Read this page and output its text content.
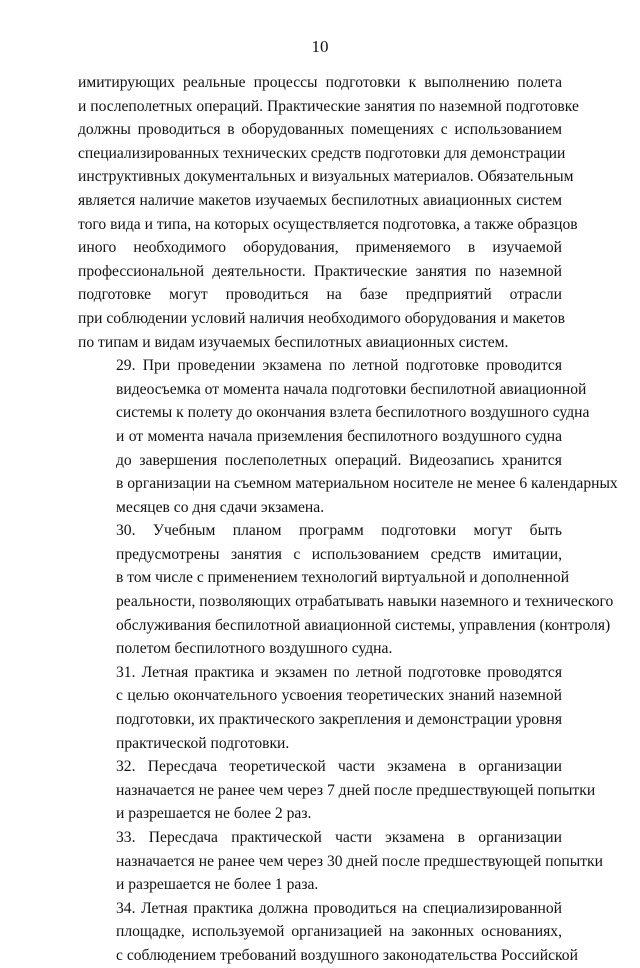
10

имитирующих реальные процессы подготовки к выполнению полета
и послеполетных операций. Практические занятия по наземной подготовке
должны проводиться в оборудованных помещениях с использованием
специализированных технических средств подготовки для демонстрации
инструктивных документальных и визуальных материалов. Обязательным
является наличие макетов изучаемых беспилотных авиационных систем
того вида и типа, на которых осуществляется подготовка, а также образцов
иного необходимого оборудования, применяемого в изучаемой
профессиональной деятельности. Практические занятия по наземной
подготовке могут проводиться на базе предприятий отрасли
при соблюдении условий наличия необходимого оборудования и макетов
по типам и видам изучаемых беспилотных авиационных систем.

29. При проведении экзамена по летной подготовке проводится
видеосъемка от момента начала подготовки беспилотной авиационной
системы к полету до окончания взлета беспилотного воздушного судна
и от момента начала приземления беспилотного воздушного судна
до завершения послеполетных операций. Видеозапись хранится
в организации на съемном материальном носителе не менее 6 календарных
месяцев со дня сдачи экзамена.

30. Учебным планом программ подготовки могут быть
предусмотрены занятия с использованием средств имитации,
в том числе с применением технологий виртуальной и дополненной
реальности, позволяющих отрабатывать навыки наземного и технического
обслуживания беспилотной авиационной системы, управления (контроля)
полетом беспилотного воздушного судна.

31. Летная практика и экзамен по летной подготовке проводятся
с целью окончательного усвоения теоретических знаний наземной
подготовки, их практического закрепления и демонстрации уровня
практической подготовки.

32. Пересдача теоретической части экзамена в организации
назначается не ранее чем через 7 дней после предшествующей попытки
и разрешается не более 2 раз.

33. Пересдача практической части экзамена в организации
назначается не ранее чем через 30 дней после предшествующей попытки
и разрешается не более 1 раза.

34. Летная практика должна проводиться на специализированной
площадке, используемой организацией на законных основаниях,
с соблюдением требований воздушного законодательства Российской
